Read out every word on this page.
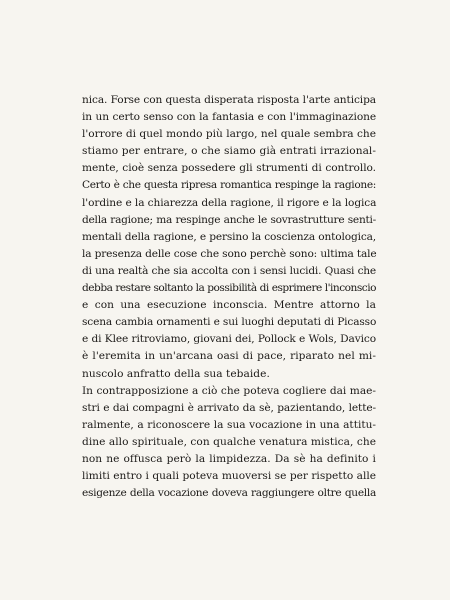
nica. Forse con questa disperata risposta l'arte anticipa
in un certo senso con la fantasia e con l'immaginazione
l'orrore di quel mondo più largo, nel quale sembra che
stiamo per entrare, o che siamo già entrati irrazional-
mente, cioè senza possedere gli strumenti di controllo.
Certo è che questa ripresa romantica respinge la ragione:
l'ordine e la chiarezza della ragione, il rigore e la logica
della ragione; ma respinge anche le sovrastrutture senti-
mentali della ragione, e persino la coscienza ontologica,
la presenza delle cose che sono perchè sono: ultima tale
di una realtà che sia accolta con i sensi lucidi. Quasi che
debba restare soltanto la possibilità di esprimere l'inconscio
e con una esecuzione inconscia. Mentre attorno la
scena cambia ornamenti e sui luoghi deputati di Picasso
e di Klee ritroviamo, giovani dei, Pollock e Wols, Davico
è l'eremita in un'arcana oasi di pace, riparato nel mi-
nuscolo anfratto della sua tebaide.
In contrapposizione a ciò che poteva cogliere dai mae-
stri e dai compagni è arrivato da sè, pazientando, lette-
ralmente, a riconoscere la sua vocazione in una attitu-
dine allo spirituale, con qualche venatura mistica, che
non ne offusca però la limpidezza. Da sè ha definito i
limiti entro i quali poteva muoversi se per rispetto alle
esigenze della vocazione doveva raggiungere oltre quella
